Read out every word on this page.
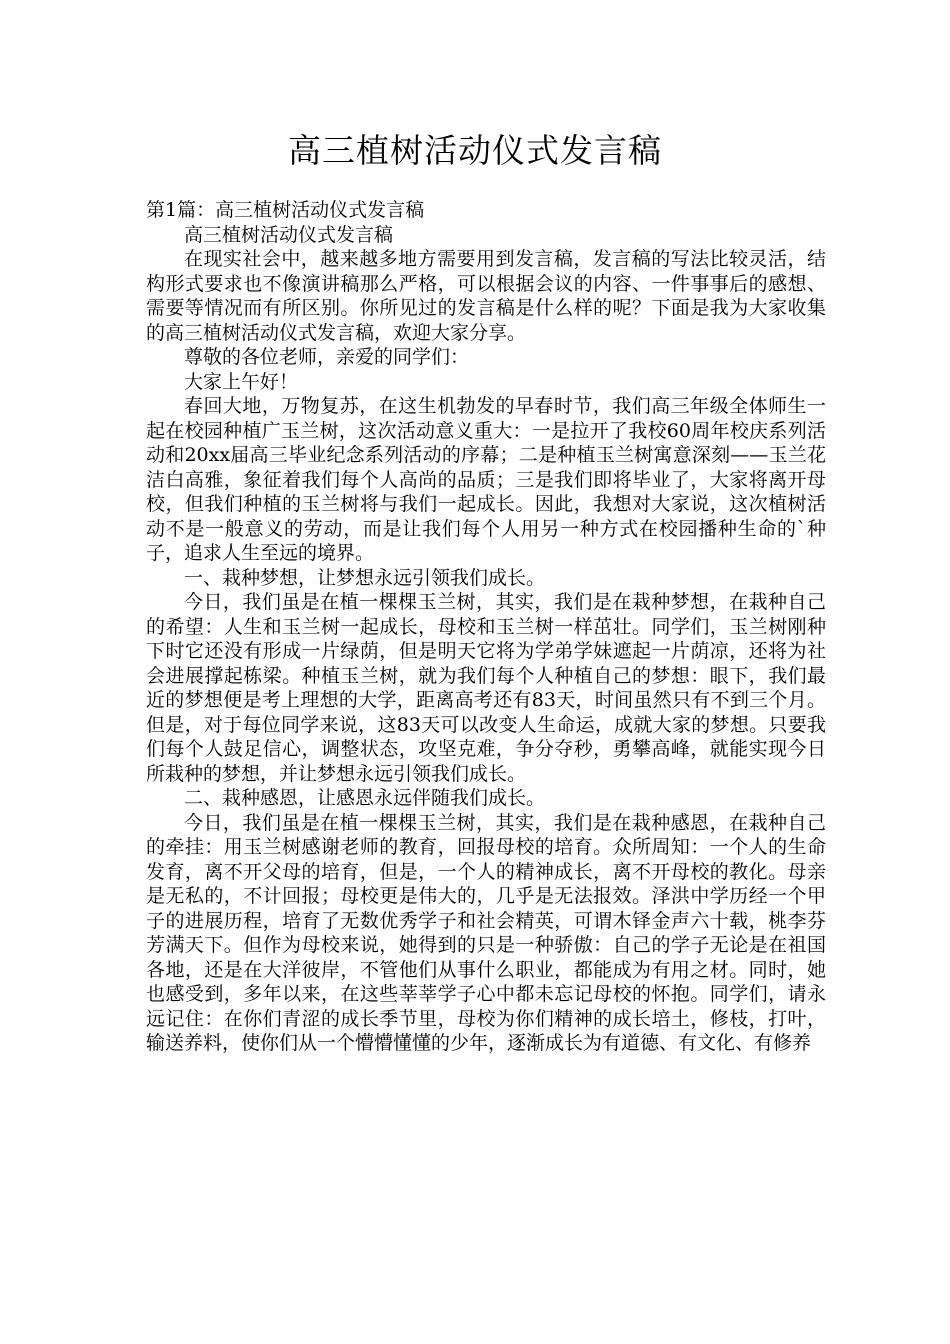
高三植树活动仪式发言稿

第1篇：高三植树活动仪式发言稿

高三植树活动仪式发言稿

在现实社会中，越来越多地方需要用到发言稿，发言稿的写法比较灵活，结构形式要求也不像演讲稿那么严格，可以根据会议的内容、一件事事后的感想、需要等情况而有所区别。你所见过的发言稿是什么样的呢？下面是我为大家收集的高三植树活动仪式发言稿，欢迎大家分享。

尊敬的各位老师，亲爱的同学们：

大家上午好！

春回大地，万物复苏，在这生机勃发的早春时节，我们高三年级全体师生一起在校园种植广玉兰树，这次活动意义重大：一是拉开了我校60周年校庆系列活动和20xx届高三毕业纪念系列活动的序幕；二是种植玉兰树寓意深刻——玉兰花洁白高雅，象征着我们每个人高尚的品质；三是我们即将毕业了，大家将离开母校，但我们种植的玉兰树将与我们一起成长。因此，我想对大家说，这次植树活动不是一般意义的劳动，而是让我们每个人用另一种方式在校园播种生命的`种子，追求人生至远的境界。

一、栽种梦想，让梦想永远引领我们成长。

今日，我们虽是在植一棵棵玉兰树，其实，我们是在栽种梦想，在栽种自己的希望：人生和玉兰树一起成长，母校和玉兰树一样茁壮。同学们，玉兰树刚种下时它还没有形成一片绿荫，但是明天它将为学弟学妹遮起一片荫凉，还将为社会进展撑起栋梁。种植玉兰树，就为我们每个人种植自己的梦想：眼下，我们最近的梦想便是考上理想的大学，距离高考还有83天，时间虽然只有不到三个月。但是，对于每位同学来说，这83天可以改变人生命运，成就大家的梦想。只要我们每个人鼓足信心，调整状态，攻坚克难，争分夺秒，勇攀高峰，就能实现今日所栽种的梦想，并让梦想永远引领我们成长。

二、栽种感恩，让感恩永远伴随我们成长。

今日，我们虽是在植一棵棵玉兰树，其实，我们是在栽种感恩，在栽种自己的牵挂：用玉兰树感谢老师的教育，回报母校的培育。众所周知：一个人的生命发育，离不开父母的培育，但是，一个人的精神成长，离不开母校的教化。母亲是无私的，不计回报；母校更是伟大的，几乎是无法报效。泽洪中学历经一个甲子的进展历程，培育了无数优秀学子和社会精英，可谓木铎金声六十载，桃李芬芳满天下。但作为母校来说，她得到的只是一种骄傲：自己的学子无论是在祖国各地，还是在大洋彼岸，不管他们从事什么职业，都能成为有用之材。同时，她也感受到，多年以来，在这些莘莘学子心中都未忘记母校的怀抱。同学们，请永远记住：在你们青涩的成长季节里，母校为你们精神的成长培土，修枝，打叶，输送养料，使你们从一个懵懵懂懂的少年，逐渐成长为有道德、有文化、有修养
